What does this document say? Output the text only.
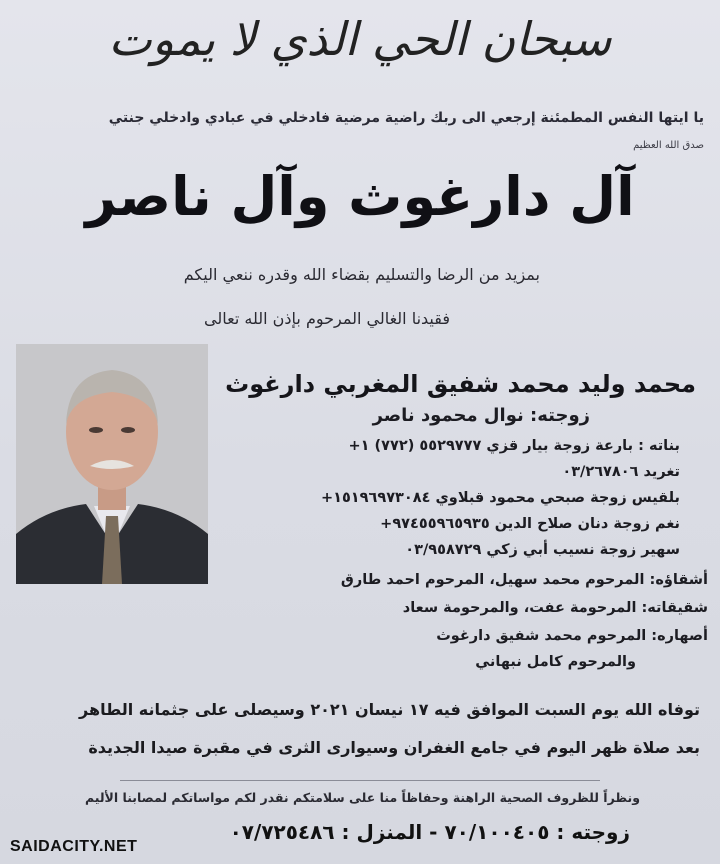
سبحان الحي الذي لا يموت
يا ايتها النفس المطمئنة إرجعي الى ربك راضية مرضية فادخلي في عبادي وادخلي جنتي
صدق الله العظيم
آل دارغوث وآل ناصر
بمزيد من الرضا والتسليم بقضاء الله وقدره ننعي اليكم
فقيدنا الغالي المرحوم بإذن الله تعالى
محمد وليد محمد شفيق المغربي دارغوث
زوجته: نوال محمود ناصر
بناته : بارعة زوجة بيار قزي ٥٥٢٩٧٧٧ (٧٧٢) ١+
تغريد ٠٣/٢٦٧٨٠٦
بلقيس زوجة صبحي محمود قبلاوي ١٥١٩٦٩٧٣٠٨٤+
نغم زوجة دنان صلاح الدين ٩٧٤٥٥٩٦٥٩٣٥+
سهير زوجة نسيب أبي زكي ٠٣/٩٥٨٧٢٩
أشقاؤه: المرحوم محمد سهيل، المرحوم احمد طارق
شقيقاته: المرحومة عفت، والمرحومة سعاد
أصهاره: المرحوم محمد شفيق دارغوث
والمرحوم كامل نبهاني
توفاه الله يوم السبت الموافق فيه ١٧ نيسان ٢٠٢١ وسيصلى على جثمانه الطاهر
بعد صلاة ظهر اليوم في جامع الغفران وسيوارى الثرى في مقبرة صيدا الجديدة
ونظراً للظروف الصحية الراهنة وحفاظاً منا على سلامتكم نقدر لكم مواساتكم لمصابنا الأليم
زوجته : ٧٠/١٠٠٤٠٥ - المنزل : ٠٧/٧٢٥٤٨٦
SAIDACITY.NET
